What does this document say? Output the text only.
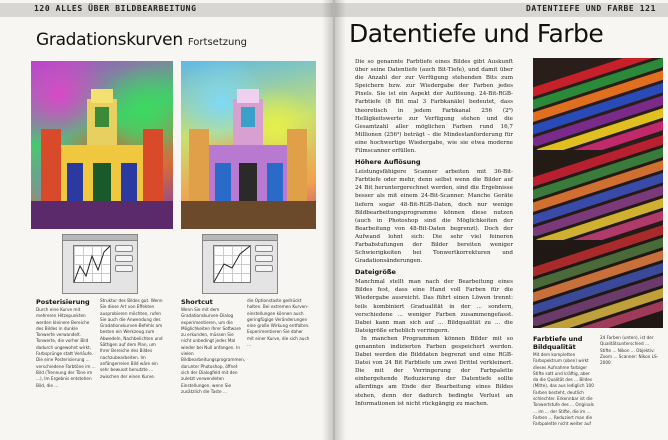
120 ALLES ÜBER BILDBEARBEITUNG
Gradationskurven Fortsetzung
Posterisierung
Durch eine Kurve mit mehreren Hitzepunkten werden kleinere Bereiche des Bildes in dunkle Tonwerte verwandelt. Tonwerte, die vorher Bild dadurch ungewohnt wirkt, Farbsprünge statt Verläufe. Die eine Posterisierung ... verschiedene Farbtöne im ... Bild (Trennung der Töne im ...), Im Ergebnis entstehen Bild, die ...
Struktur des Bildes gut. Wenn Sie diese Art von Effekten ausprobieren möchten, rufen Sie auch die Anwendung des Gradationskurven-Befehls am besten ein Werkzeug zum Abwedeln, Nachbelichten und Sättigen auf dem Plan, um Ihrer Bereiche des Bildes nachzubearbeiten. Im anfängerreien Bild wäre ein sehr bewusst benutzte ... zwischen der einen Kurve.
Shortcut
Wenn Sie mit dem Gradationskurven-Dialog experimentieren, um die Möglichkeiten Ihrer Software zu erkunden, müssen Sie nicht unbedingt jedes Mal wieder bei Null anfangen. In vielen Bildbearbeitungsprogrammen, darunter Photoshop, öffnet sich der Dialogfeld mit den zuletzt verwendeten Einstellungen, wenn Sie zusätzlich die Taste ...
die Optionstaste gedrückt halten. Bei extremen Kurven-einstellungen können auch geringfügige Veränderungen eine große Wirkung entfalten. Experimentieren Sie daher mit einer Kurve, die sich auch ...
DATENTIEFE UND FARBE 121
Datentiefe und Farbe

Die so genannte Farbtiefe eines Bildes gibt Auskunft über seine Datentiefe (auch Bit-Tiefe), und damit über die Anzahl der zur Verfügung stehenden Bits zum Speichern bzw. zur Wiedergabe der Farben jedes Pixels. Sie ist ein Aspekt der Auflösung. 24-Bit-RGB-Farbtiefe (8 Bit mal 3 Farbkanäle) bedeutet, dass theoretisch in jedem Farbkanal 256 (2⁸) Helligkeitswerte zur Verfügung stehen und die Gesamtzahl aller möglichen Farben rund 16,7 Millionen (256³) beträgt – die Mindestanforderung für eine hochwertige Wiedergabe, wie sie etwa moderne Filmscanner erfüllen.

Höhere Auflösung

Leistungsfähigere Scanner arbeiten mit 36-Bit-Farbtiefe oder mehr, denn selbst wenn die Bilder auf 24 Bit heruntergerechnet werden, sind die Ergebnisse besser als mit einem 24-Bit-Scanner. Manche Geräte liefern sogar 48-Bit-RGB-Daten, doch nur wenige Bildbearbeitungsprogramme können diese nutzen (auch in Photoshop sind die Möglichkeiten der Bearbeitung von 48-Bit-Daten begrenzt). Doch der Aufwand lohnt sich: Die sehr viel feineren Farbabstufungen der Bilder bereiten weniger Schwierigkeiten bei Tonwertkorrekturen und Gradationsänderungen.

Dateigröße

Manchmal stellt man nach der Bearbeitung eines Bildes fest, dass eine Hand voll Farben für die Wiedergabe ausreicht. Das führt einen Löwen trennt: teils kombiniert Gradualität in der ... sondern, verschiedene ... weniger Farben zusammengefasst. Dabei kann man sich auf ... Bildqualität zu ... die Dateigröße erheblich verringern.

In manchen Programmen können Bilder mit so genannten indizierten Farben gespeichert werden. Dabei werden die Bilddaten begrenzt und eine RGB-Datei von 24 Bit Farbtiefe um zwei Drittel verkleinert. Die mit der Verringerung der Farbpalette einhergehende Reduzierung der Datentiefe sollte allerdings am Ende der Bearbeitung eines Bildes stehen, denn der dadurch bedingte Verlust an Informationen ist nicht rückgängig zu machen.

Farbtiefe und Bildqualität
Mit dem kompletten Farbspektrum (oben) wirkt dieses Aufnahme farbiger Stifte satt und kräftig, aber da die Qualität des ... Bildes (Mitte), das aus lediglich 100 Farben besteht, deutlich schlechter. Erkennbar ist die Tonwertstufe des ... Originals ... im ... der Stifte, die im ... Farben ... Reduziert man die Farbpalette nicht weiter auf
24 Farben (unten), ist der Qualitätsunterschied ... Stifte ... Nikon ... Objektiv: Zoom ... Scanner: Nikon LS-2000
